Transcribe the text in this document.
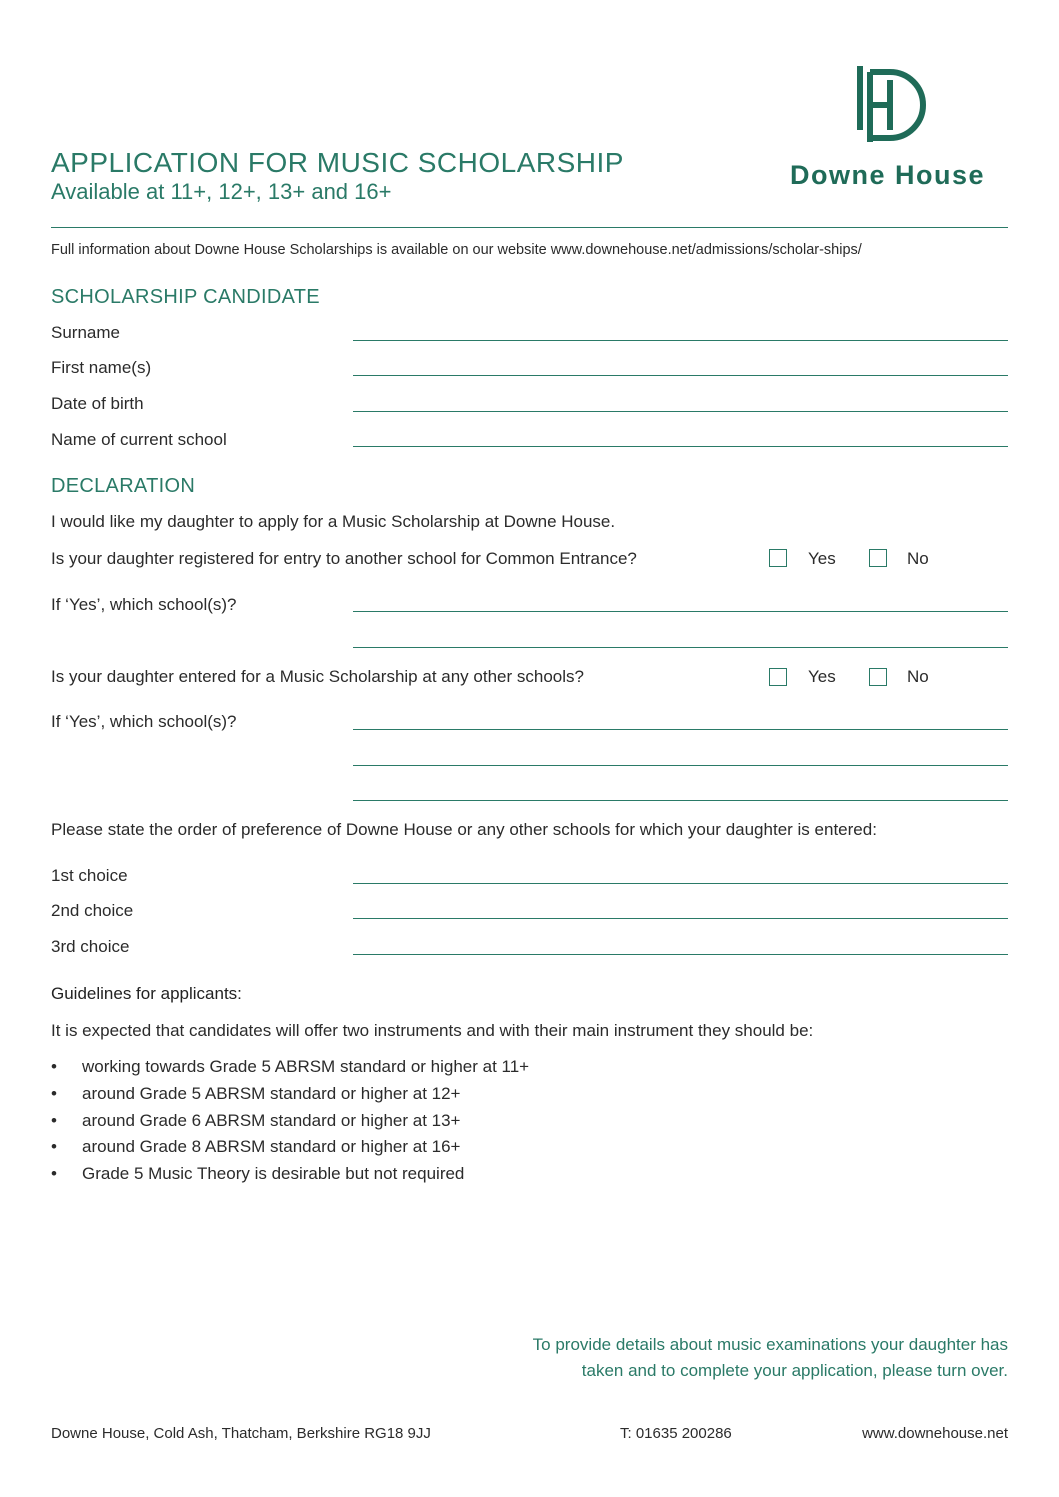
APPLICATION FOR MUSIC SCHOLARSHIP
Available at 11+, 12+, 13+ and 16+
Downe House
Full information about Downe House Scholarships is available on our website www.downehouse.net/admissions/scholar-ships/
SCHOLARSHIP CANDIDATE
Surname
First name(s)
Date of birth
Name of current school
DECLARATION
I would like my daughter to apply for a Music Scholarship at Downe House.
Is your daughter registered for entry to another school for Common Entrance?	Yes	No
If ‘Yes’, which school(s)?
Is your daughter entered for a Music Scholarship at any other schools?	Yes	No
If ‘Yes’, which school(s)?
Please state the order of preference of Downe House or any other schools for which your daughter is entered:
1st choice
2nd choice
3rd choice
Guidelines for applicants:
It is expected that candidates will offer two instruments and with their main instrument they should be:
• working towards Grade 5 ABRSM standard or higher at 11+
• around Grade 5 ABRSM standard or higher at 12+
• around Grade 6 ABRSM standard or higher at 13+
• around Grade 8 ABRSM standard or higher at 16+
• Grade 5 Music Theory is desirable but not required
To provide details about music examinations your daughter has
taken and to complete your application, please turn over.
Downe House, Cold Ash, Thatcham, Berkshire RG18 9JJ	T: 01635 200286	www.downehouse.net
